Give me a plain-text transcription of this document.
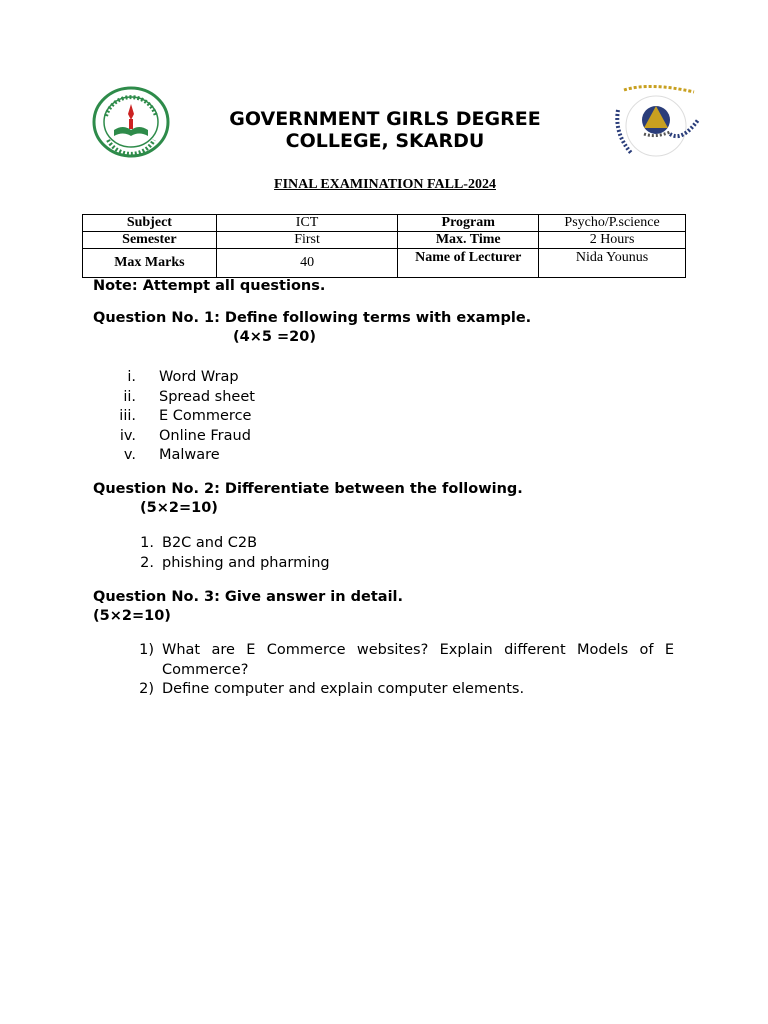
GOVERNMENT GIRLS DEGREE
COLLEGE, SKARDU
FINAL EXAMINATION FALL-2024
Subject	ICT	Program	Psycho/P.science
Semester	First	Max. Time	2 Hours
Max Marks	40	Name of Lecturer	Nida Younus
Note: Attempt all questions.
Question No. 1: Define following terms with example.
(4×5 =20)
i. Word Wrap
ii. Spread sheet
iii. E Commerce
iv. Online Fraud
v. Malware
Question No. 2: Differentiate between the following.
(5×2=10)
1. B2C and C2B
2. phishing and pharming
Question No. 3: Give answer in detail.
(5×2=10)
1) What are E Commerce websites? Explain different Models of E Commerce?
2) Define computer and explain computer elements.
